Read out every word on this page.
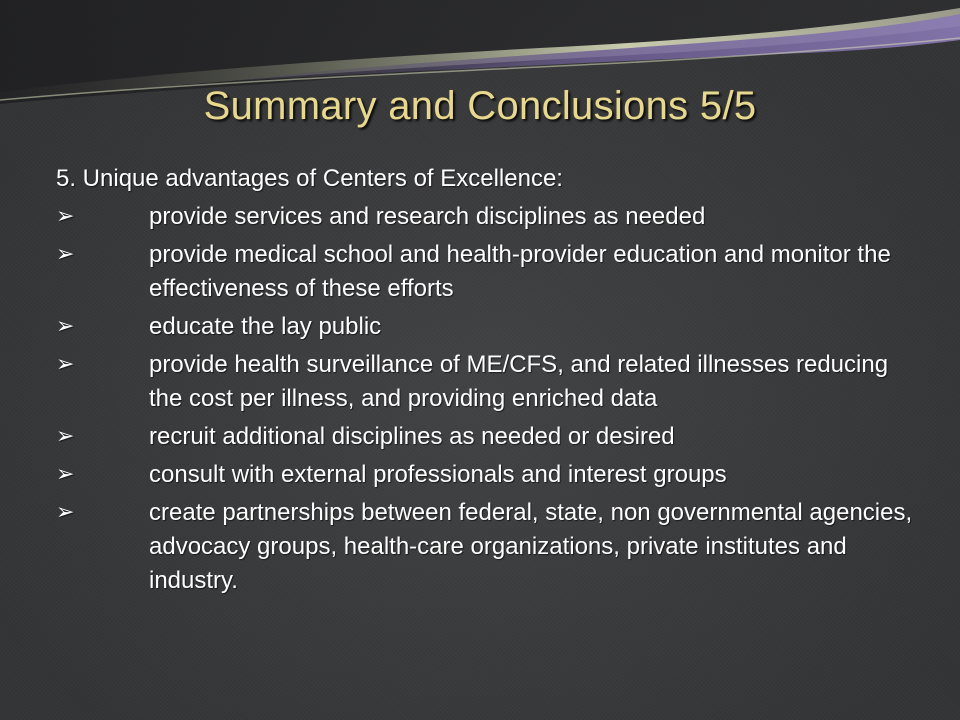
Summary and Conclusions 5/5

5. Unique advantages of Centers of Excellence:

➢	provide services and research disciplines as needed
➢	provide medical school and health-provider education and monitor the effectiveness of these efforts
➢	educate the lay public
➢	provide health surveillance of ME/CFS, and related illnesses reducing the cost per illness, and providing enriched data
➢	recruit additional disciplines as needed or desired
➢	consult with external professionals and interest groups
➢	create partnerships between federal, state, non governmental agencies, advocacy groups, health-care organizations, private institutes and industry.
